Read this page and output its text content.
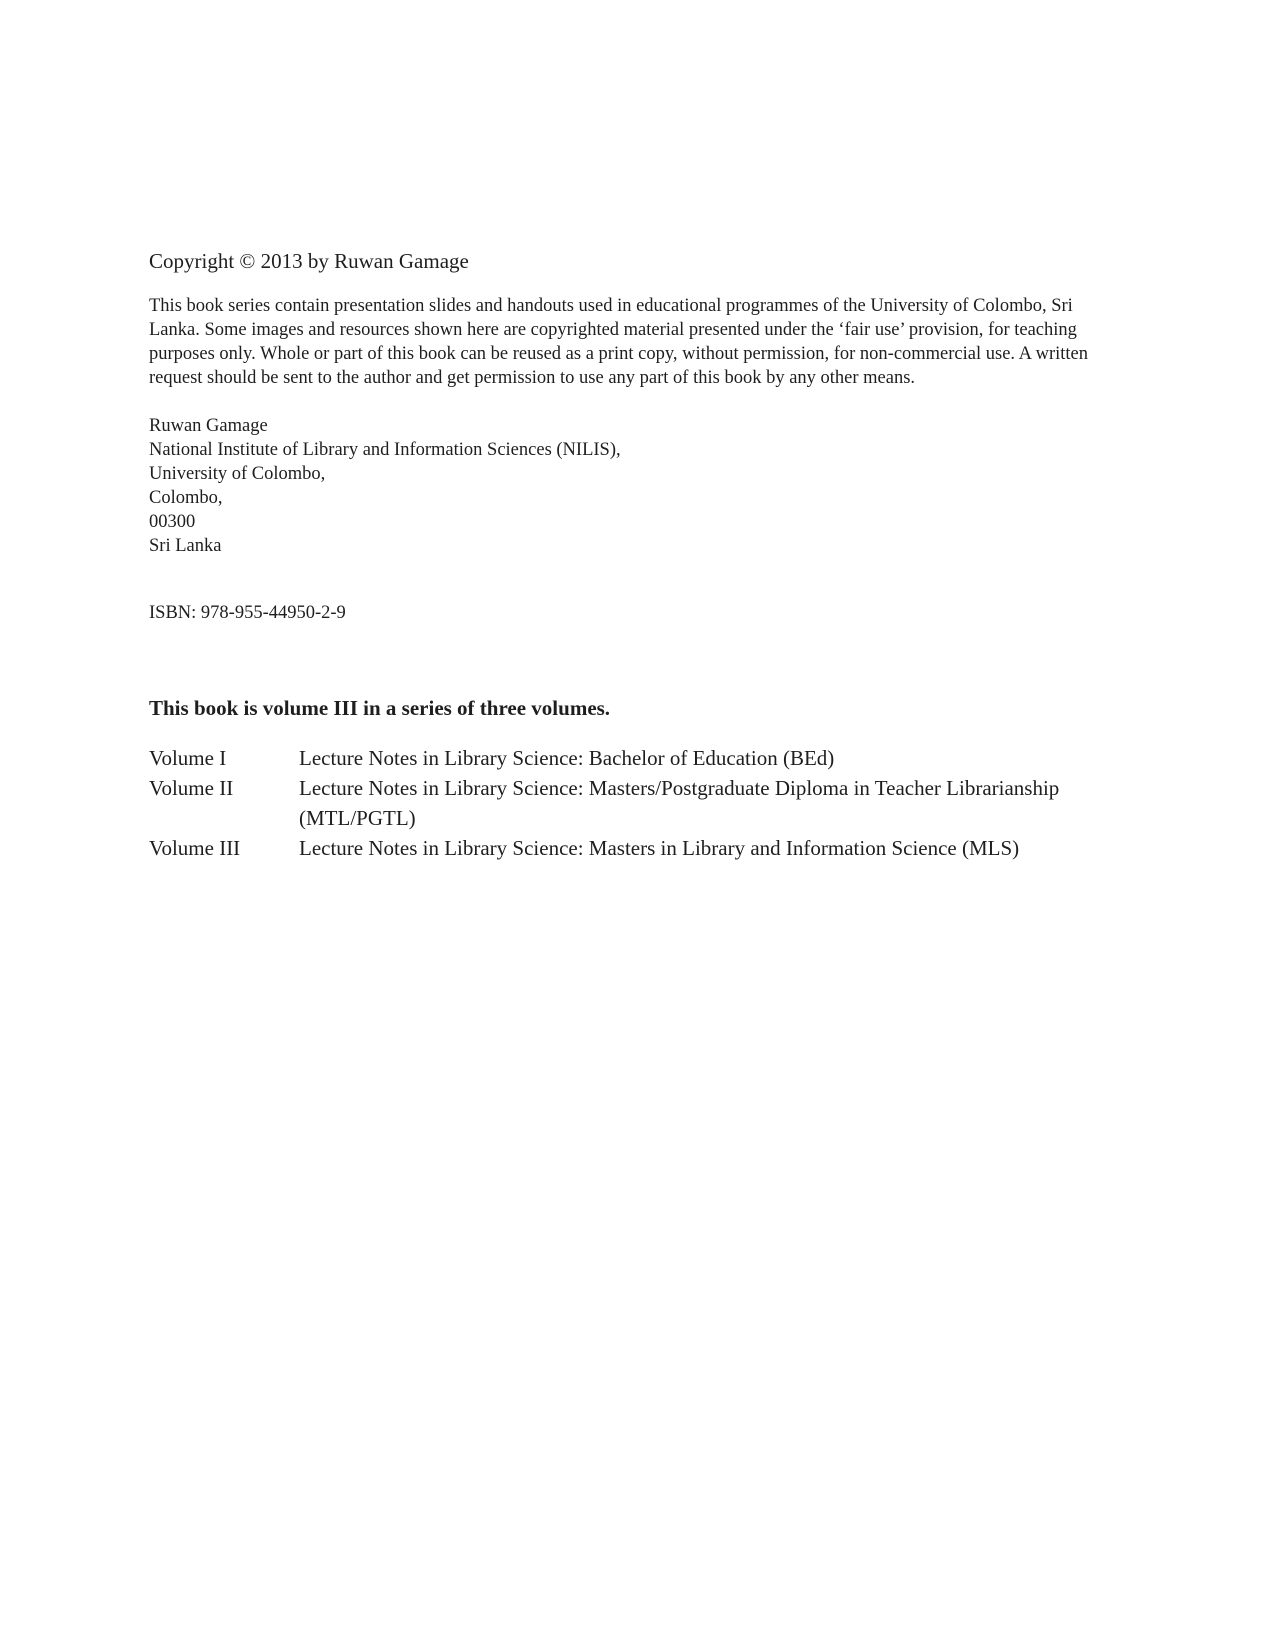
Copyright © 2013 by Ruwan Gamage

This book series contain presentation slides and handouts used in educational programmes of the University of Colombo, Sri Lanka. Some images and resources shown here are copyrighted material presented under the ‘fair use’ provision, for teaching purposes only. Whole or part of this book can be reused as a print copy, without permission, for non-commercial use. A written request should be sent to the author and get permission to use any part of this book by any other means.

Ruwan Gamage
National Institute of Library and Information Sciences (NILIS),
University of Colombo,
Colombo,
00300
Sri Lanka

ISBN: 978-955-44950-2-9

This book is volume III in a series of three volumes.

Volume I	Lecture Notes in Library Science: Bachelor of Education (BEd)
Volume II	Lecture Notes in Library Science: Masters/Postgraduate Diploma in Teacher Librarianship (MTL/PGTL)
Volume III	Lecture Notes in Library Science: Masters in Library and Information Science (MLS)
